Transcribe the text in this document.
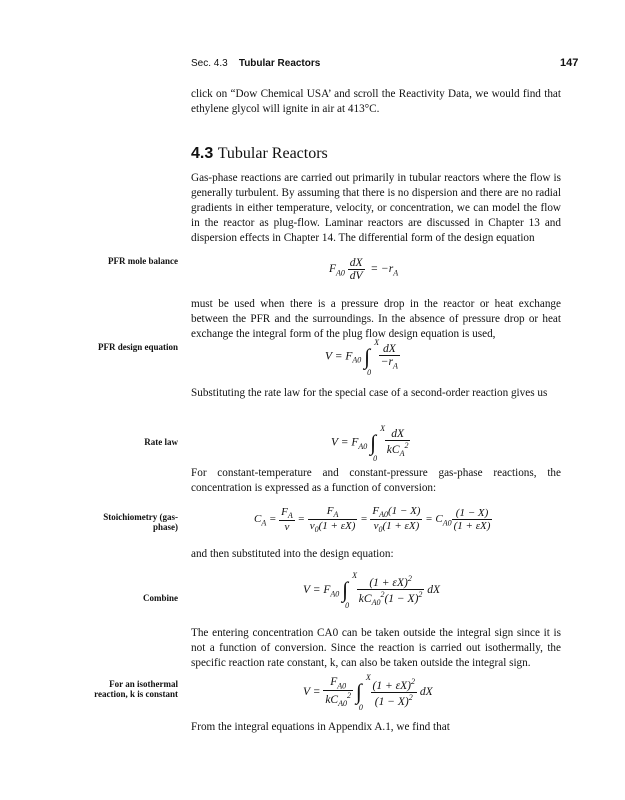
Sec. 4.3 Tubular Reactors	147
click on “Dow Chemical USA’ and scroll the Reactivity Data, we would find that ethylene glycol will ignite in air at 413°C.
4.3 Tubular Reactors
Gas-phase reactions are carried out primarily in tubular reactors where the flow is generally turbulent. By assuming that there is no dispersion and there are no radial gradients in either temperature, velocity, or concentration, we can model the flow in the reactor as plug-flow. Laminar reactors are discussed in Chapter 13 and dispersion effects in Chapter 14. The differential form of the design equation
PFR mole balance
$F_{A0} \frac{dX}{dV} = -r_A$
must be used when there is a pressure drop in the reactor or heat exchange between the PFR and the surroundings. In the absence of pressure drop or heat exchange the integral form of the plug flow design equation is used,
PFR design equation
$V = F_{A0}$ ∫
X
0

$\frac{dX}{-r_A}$
Substituting the rate law for the special case of a second-order reaction gives us
Rate law	$V = F_{A0}$ ∫
X
0

$\frac{dX}{kC_A^2}$
For constant-temperature and constant-pressure gas-phase reactions, the concentration is expressed as a function of conversion:
Stoichiometry (gas-phase)
$C_A = \frac{F_A}{v} = \frac{F_A}{v_0(1 + \varepsilon X)} = \frac{F_{A0}(1 - X)}{v_0(1 + \varepsilon X)} = C_{A0} \frac{(1 - X)}{(1 + \varepsilon X)}$
and then substituted into the design equation:
Combine
$V = F_{A0}$ ∫
X
0
$\frac{(1 + \varepsilon X)^2}{kC_{A0}^2(1 - X)^2}$ dX
The entering concentration CA0 can be taken outside the integral sign since it is not a function of conversion. Since the reaction is carried out isothermally, the specific reaction rate constant, k, can also be taken outside the integral sign.
For an isothermal reaction, k is constant	$V = \frac{F_{A0}}{kC_{A0}^2}$ ∫
X
0

$\frac{(1 + \varepsilon X)^2}{(1 - X)^2}$ dX
From the integral equations in Appendix A.1, we find that
